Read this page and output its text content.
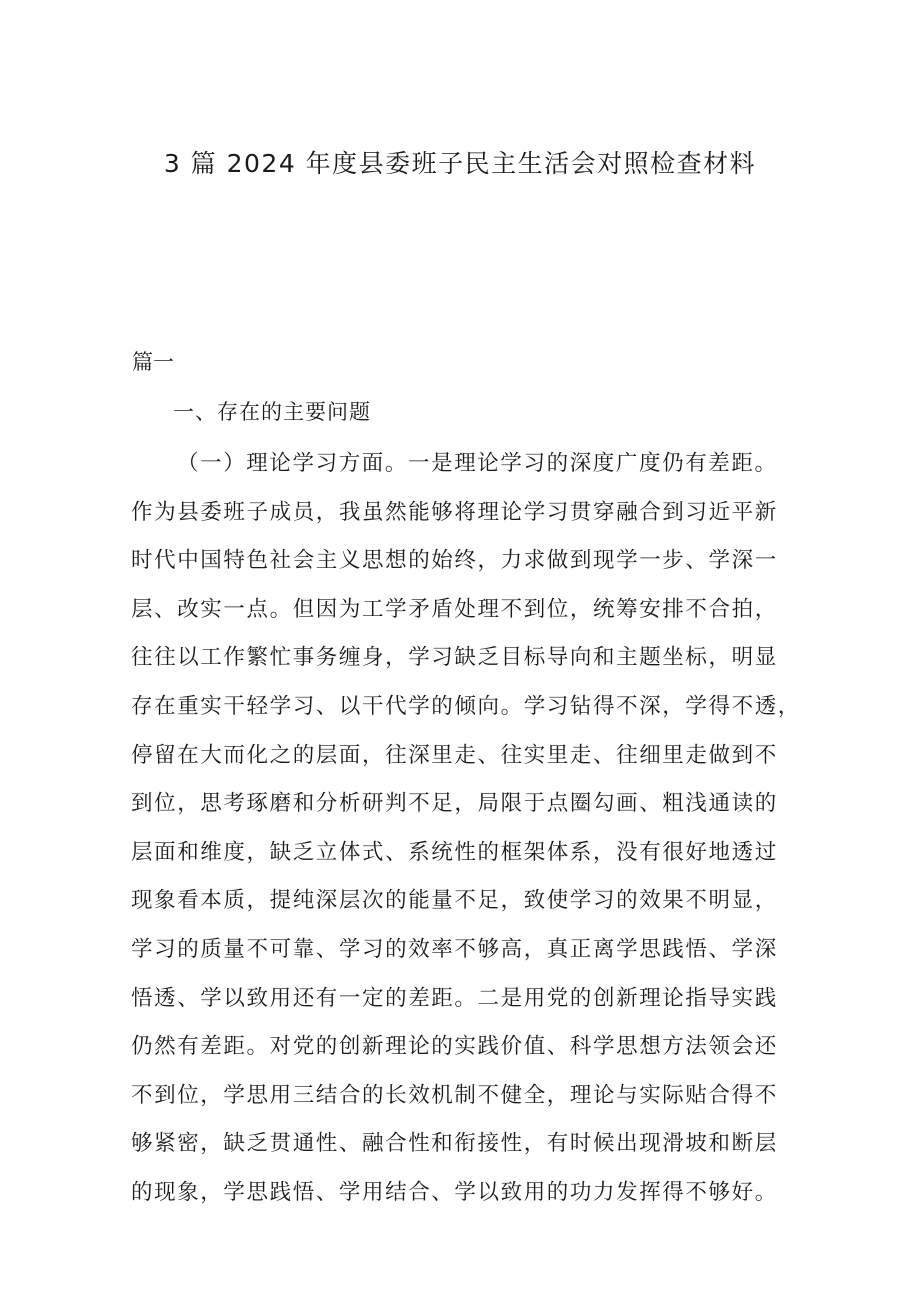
3 篇 2024 年度县委班子民主生活会对照检查材料

篇一

一、存在的主要问题

（一）理论学习方面。一是理论学习的深度广度仍有差距。
作为县委班子成员，我虽然能够将理论学习贯穿融合到习近平新
时代中国特色社会主义思想的始终，力求做到现学一步、学深一
层、改实一点。但因为工学矛盾处理不到位，统筹安排不合拍，
往往以工作繁忙事务缠身，学习缺乏目标导向和主题坐标，明显
存在重实干轻学习、以干代学的倾向。学习钻得不深，学得不透，
停留在大而化之的层面，往深里走、往实里走、往细里走做到不
到位，思考琢磨和分析研判不足，局限于点圈勾画、粗浅通读的
层面和维度，缺乏立体式、系统性的框架体系，没有很好地透过
现象看本质，提纯深层次的能量不足，致使学习的效果不明显，
学习的质量不可靠、学习的效率不够高，真正离学思践悟、学深
悟透、学以致用还有一定的差距。二是用党的创新理论指导实践
仍然有差距。对党的创新理论的实践价值、科学思想方法领会还
不到位，学思用三结合的长效机制不健全，理论与实际贴合得不
够紧密，缺乏贯通性、融合性和衔接性，有时候出现滑坡和断层
的现象，学思践悟、学用结合、学以致用的功力发挥得不够好。
